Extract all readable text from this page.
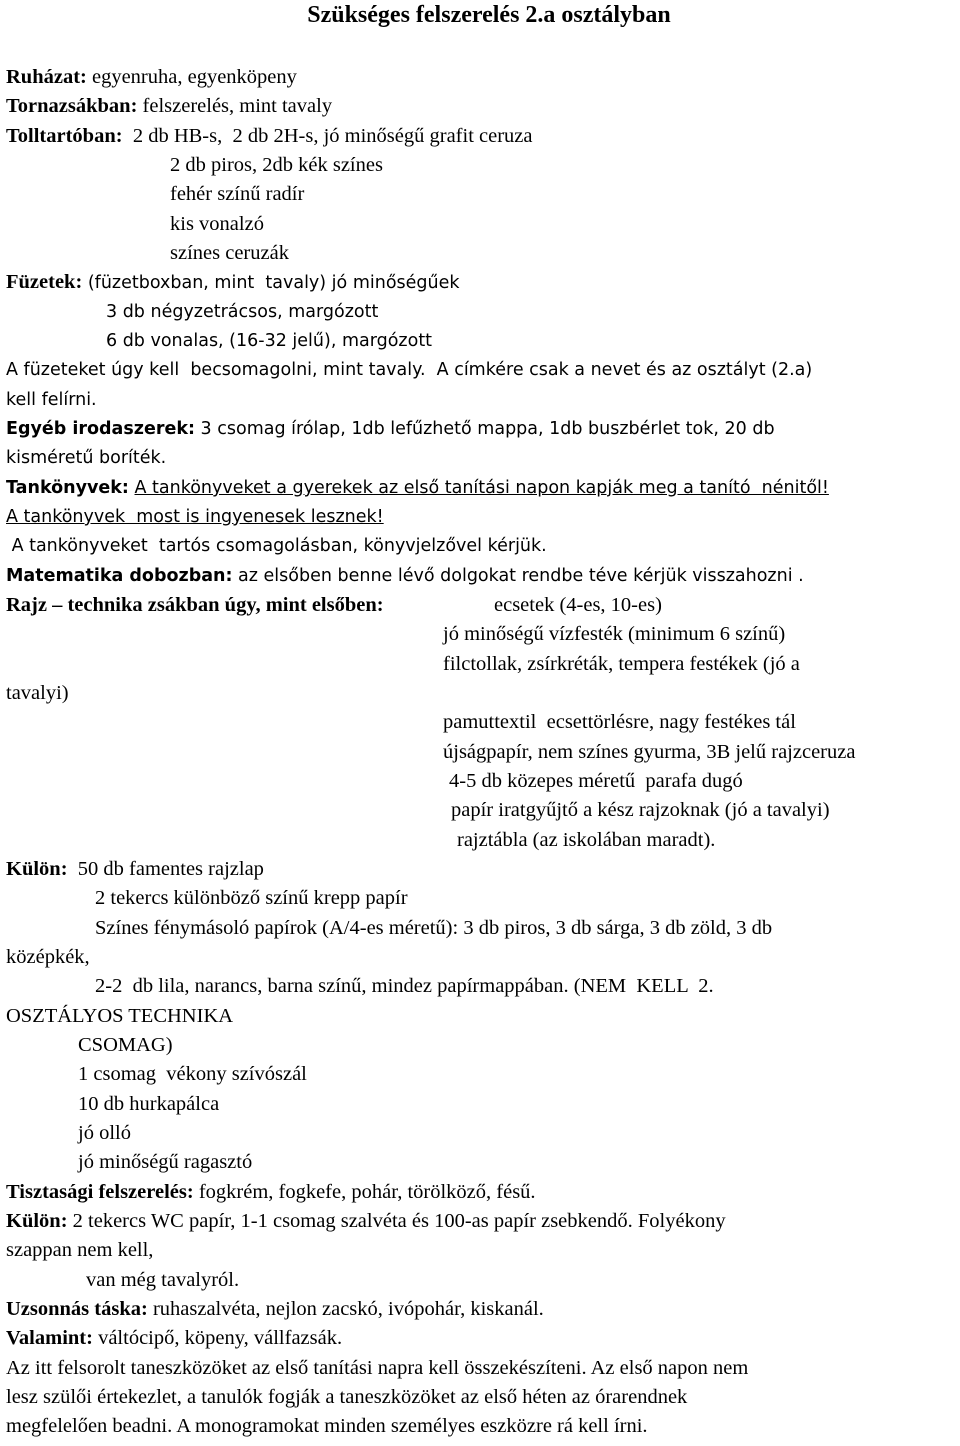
Szükséges felszerelés 2.a osztályban
Ruházat: egyenruha, egyenköpeny
Tornazsákban: felszerelés, mint tavaly
Tolltartóban:  2 db HB-s,  2 db 2H-s, jó minőségű grafit ceruza
2 db piros, 2db kék színes
fehér színű radír
kis vonalzó
színes ceruzák
Füzetek: (füzetboxban, mint  tavaly) jó minőségűek
3 db négyzetrácsos, margózott
6 db vonalas, (16-32 jelű), margózott
A füzeteket úgy kell  becsomagolni, mint tavaly.  A címkére csak a nevet és az osztályt (2.a)
kell felírni.
Egyéb irodaszerek: 3 csomag írólap, 1db lefűzhető mappa, 1db buszbérlet tok, 20 db
kisméretű boríték.
Tankönyvek: A tankönyveket a gyerekek az első tanítási napon kapják meg a tanító  nénitől!
A tankönyvek  most is ingyenesek lesznek!
A tankönyveket  tartós csomagolásban, könyvjelzővel kérjük.
Matematika dobozban: az elsőben benne lévő dolgokat rendbe téve kérjük visszahozni .
Rajz – technika zsákban úgy, mint elsőben:	ecsetek (4-es, 10-es)
jó minőségű vízfesték (minimum 6 színű)
filctollak, zsírkréták, tempera festékek (jó a
tavalyi)
pamuttextil  ecsettörlésre, nagy festékes tál
újságpapír, nem színes gyurma, 3B jelű rajzceruza
4-5 db közepes méretű  parafa dugó
papír iratgyűjtő a kész rajzoknak (jó a tavalyi)
rajztábla (az iskolában maradt).
Külön:  50 db famentes rajzlap
2 tekercs különböző színű krepp papír
Színes fénymásoló papírok (A/4-es méretű): 3 db piros, 3 db sárga, 3 db zöld, 3 db
középkék,
2-2  db lila, narancs, barna színű, mindez papírmappában. (NEM  KELL  2.
OSZTÁLYOS TECHNIKA
CSOMAG)
1 csomag  vékony szívószál
10 db hurkapálca
jó olló
jó minőségű ragasztó
Tisztasági felszerelés: fogkrém, fogkefe, pohár, törölköző, fésű.
Külön: 2 tekercs WC papír, 1-1 csomag szalvéta és 100-as papír zsebkendő. Folyékony
szappan nem kell,
van még tavalyról.
Uzsonnás táska: ruhaszalvéta, nejlon zacskó, ivópohár, kiskanál.
Valamint: váltócipő, köpeny, vállfazsák.
Az itt felsorolt taneszközöket az első tanítási napra kell összekészíteni. Az első napon nem
lesz szülői értekezlet, a tanulók fogják a taneszközöket az első héten az órarendnek
megfelelően beadni. A monogramokat minden személyes eszközre rá kell írni.
